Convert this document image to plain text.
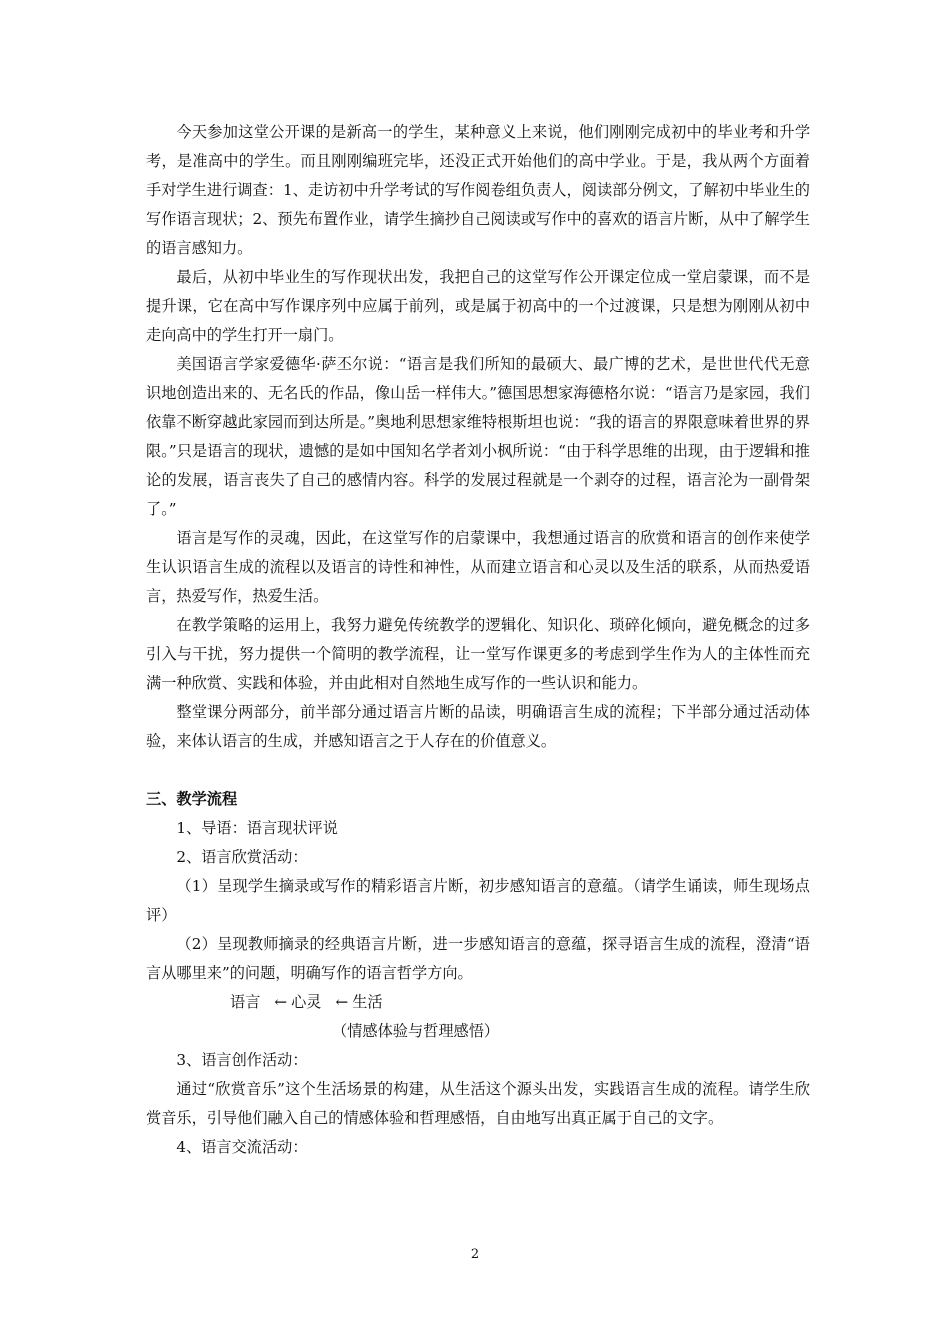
今天参加这堂公开课的是新高一的学生，某种意义上来说，他们刚刚完成初中的毕业考和升学考，是准高中的学生。而且刚刚编班完毕，还没正式开始他们的高中学业。于是，我从两个方面着手对学生进行调查：1、走访初中升学考试的写作阅卷组负责人，阅读部分例文，了解初中毕业生的写作语言现状；2、预先布置作业，请学生摘抄自己阅读或写作中的喜欢的语言片断，从中了解学生的语言感知力。

最后，从初中毕业生的写作现状出发，我把自己的这堂写作公开课定位成一堂启蒙课，而不是提升课，它在高中写作课序列中应属于前列，或是属于初高中的一个过渡课，只是想为刚刚从初中走向高中的学生打开一扇门。

美国语言学家爱德华·萨丕尔说：“语言是我们所知的最硕大、最广博的艺术，是世世代代无意识地创造出来的、无名氏的作品，像山岳一样伟大。”德国思想家海德格尔说：“语言乃是家园，我们依靠不断穿越此家园而到达所是。”奥地利思想家维特根斯坦也说：“我的语言的界限意味着世界的界限。”只是语言的现状，遗憾的是如中国知名学者刘小枫所说：“由于科学思维的出现，由于逻辑和推论的发展，语言丧失了自己的感情内容。科学的发展过程就是一个剥夺的过程，语言沦为一副骨架了。”

语言是写作的灵魂，因此，在这堂写作的启蒙课中，我想通过语言的欣赏和语言的创作来使学生认识语言生成的流程以及语言的诗性和神性，从而建立语言和心灵以及生活的联系，从而热爱语言，热爱写作，热爱生活。

在教学策略的运用上，我努力避免传统教学的逻辑化、知识化、琐碎化倾向，避免概念的过多引入与干扰，努力提供一个简明的教学流程，让一堂写作课更多的考虑到学生作为人的主体性而充满一种欣赏、实践和体验，并由此相对自然地生成写作的一些认识和能力。

整堂课分两部分，前半部分通过语言片断的品读，明确语言生成的流程；下半部分通过活动体验，来体认语言的生成，并感知语言之于人存在的价值意义。

三、教学流程

1、导语：语言现状评说

2、语言欣赏活动：

（1）呈现学生摘录或写作的精彩语言片断，初步感知语言的意蕴。（请学生诵读，师生现场点评）

（2）呈现教师摘录的经典语言片断，进一步感知语言的意蕴，探寻语言生成的流程，澄清“语言从哪里来”的问题，明确写作的语言哲学方向。

语言 ← 心灵 ← 生活
（情感体验与哲理感悟）

3、语言创作活动：

通过“欣赏音乐”这个生活场景的构建，从生活这个源头出发，实践语言生成的流程。请学生欣赏音乐，引导他们融入自己的情感体验和哲理感悟，自由地写出真正属于自己的文字。

4、语言交流活动：

2
